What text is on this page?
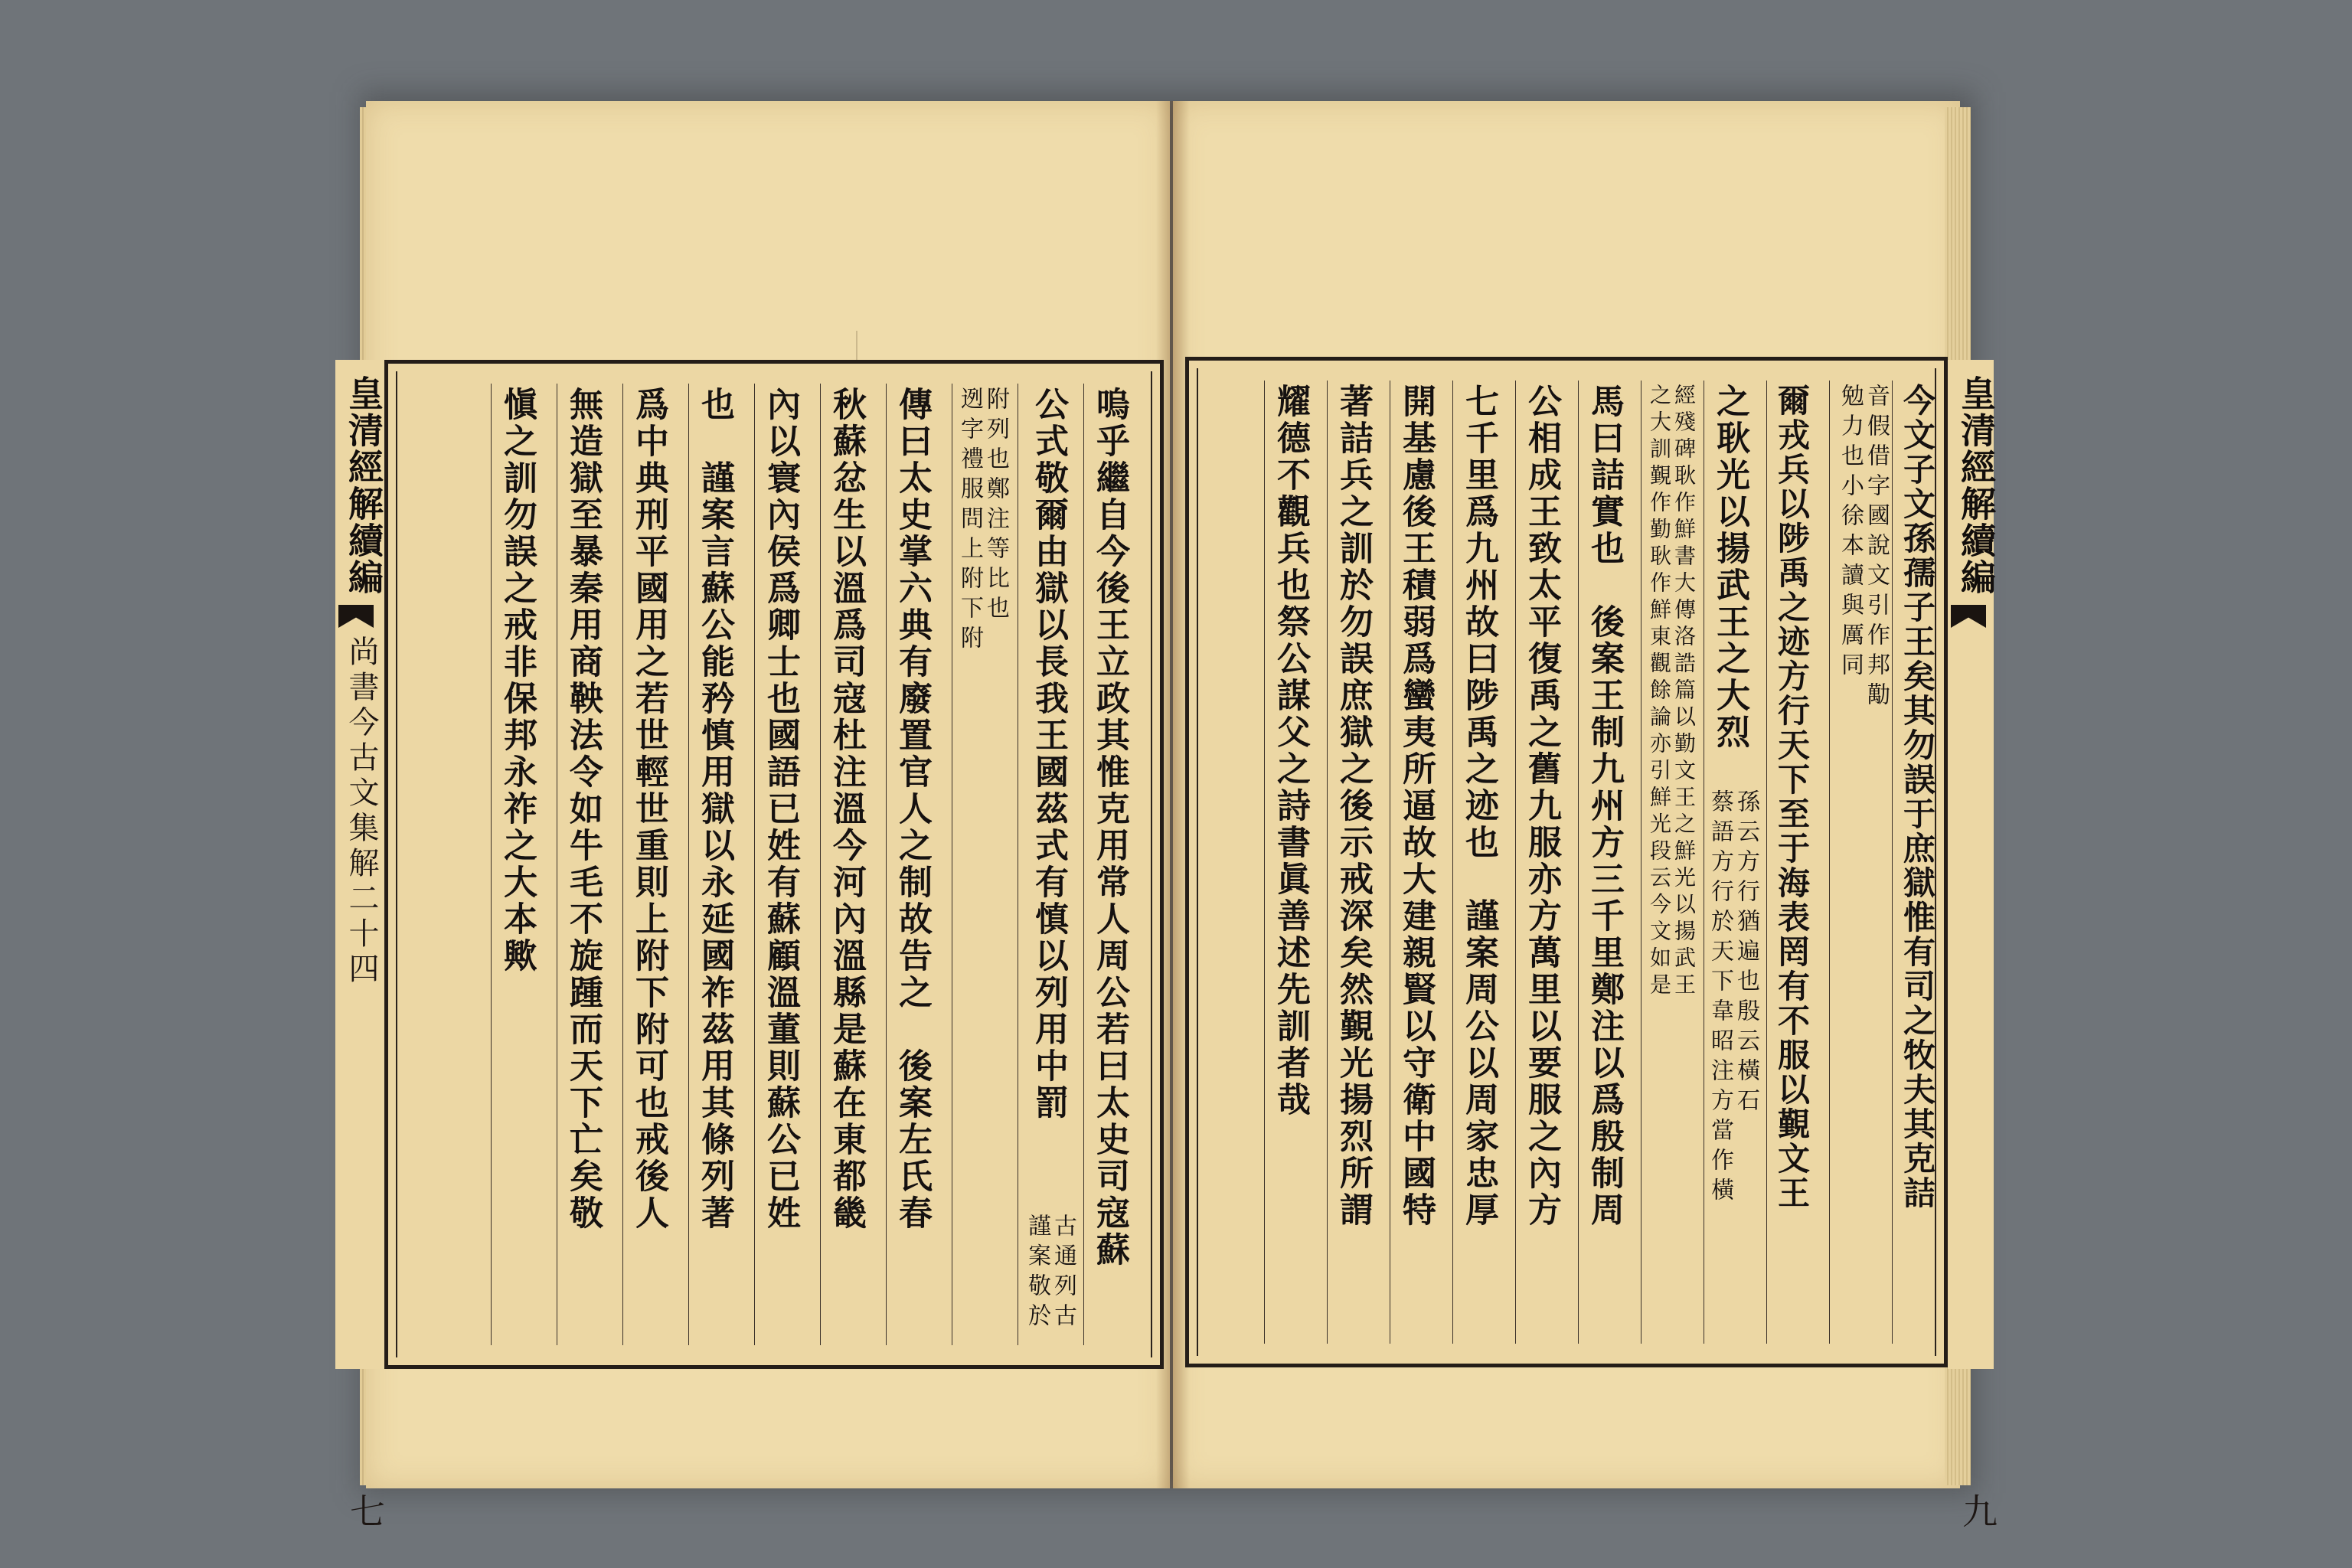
皇清經解續編
尚書今古文集解二十四
七
嗚乎繼自今後王立政其惟克用常人周公若曰太史司寇蘇
公式敬爾由獄以長我王國茲式有慎以列用中罰
古通列古
謹案敬於
附列也鄭注等比也
迾字禮服問上附下附
傳曰太史掌六典有廢置官人之制故告之　後案左氏春
秋蘇忿生以溫爲司寇杜注溫今河內溫縣是蘇在東都畿
內以寰內侯爲卿士也國語已姓有蘇顧溫董則蘇公已姓
也　謹案言蘇公能矜慎用獄以永延國祚茲用其條列著
爲中典刑平國用之若世輕世重則上附下附可也戒後人
無造獄至暴秦用商鞅法令如牛毛不旋踵而天下亡矣敬
愼之訓勿誤之戒非保邦永祚之大本歟	皇清經解續編
九
今文子文孫孺子王矣其勿誤于庶獄惟有司之牧夫其克詰
音假借字國說文引作邦勱
勉力也小徐本讀與厲同
爾戎兵以陟禹之迹方行天下至于海表罔有不服以覲文王
之耿光以揚武王之大烈
孫云方行猶遍也殷云橫石
蔡語方行於天下韋昭注方當作橫
經殘碑耿作鮮書大傳洛誥篇以勤文王之鮮光以揚武王
之大訓覲作勤耿作鮮東觀餘論亦引鮮光段云今文如是
馬曰詰實也　後案王制九州方三千里鄭注以爲殷制周
公相成王致太平復禹之舊九服亦方萬里以要服之內方
七千里爲九州故曰陟禹之迹也　謹案周公以周家忠厚
開基慮後王積弱爲蠻夷所逼故大建親賢以守衛中國特
著詰兵之訓於勿誤庶獄之後示戒深矣然覲光揚烈所謂
耀德不觀兵也祭公謀父之詩書眞善述先訓者哉
